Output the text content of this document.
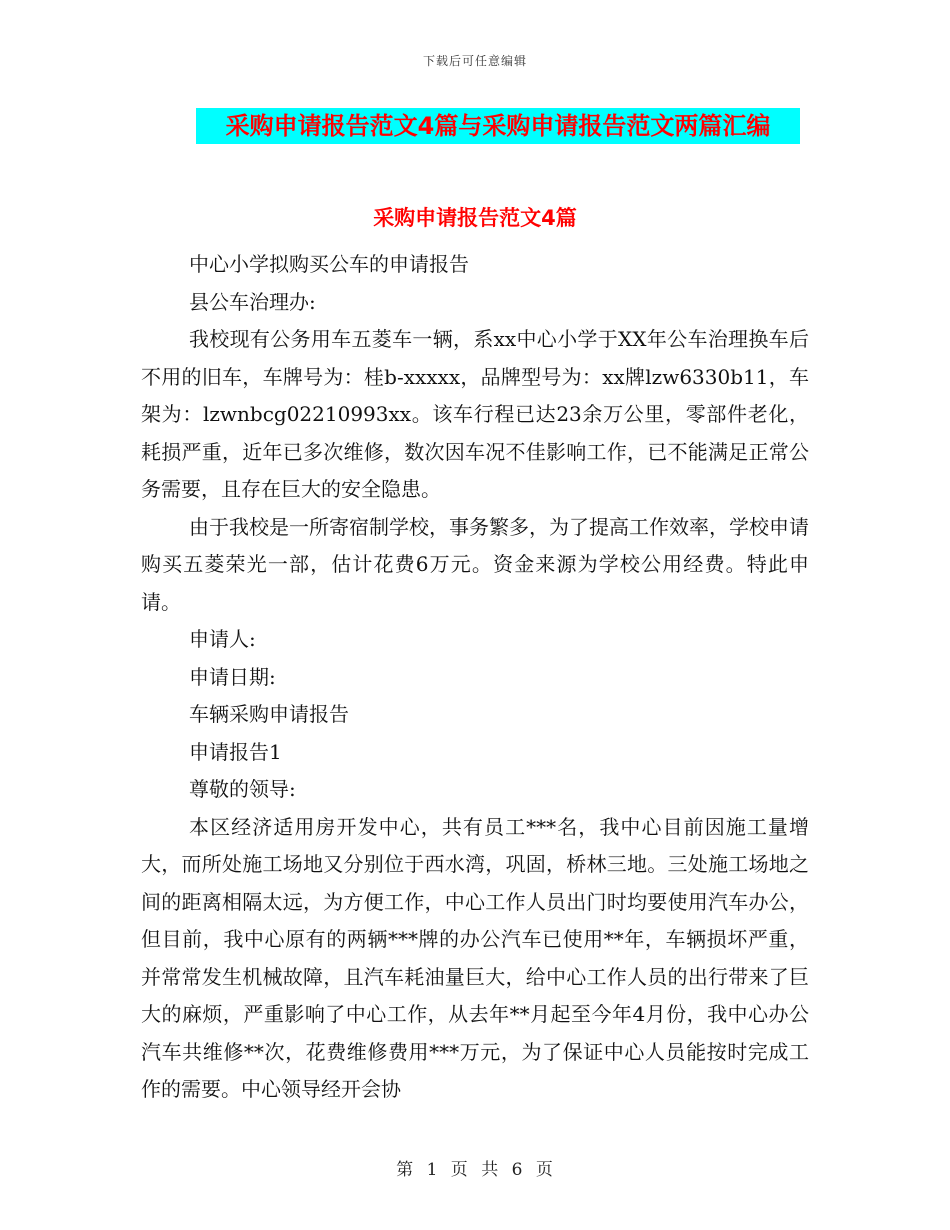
下载后可任意编辑
采购申请报告范文4篇与采购申请报告范文两篇汇编
采购申请报告范文4篇

中心小学拟购买公车的申请报告

县公车治理办:

我校现有公务用车五菱车一辆，系xx中心小学于XX年公车治理换车后不用的旧车，车牌号为：桂b-xxxxx，品牌型号为：xx牌lzw6330b11，车架为：lzwnbcg02210993xx。该车行程已达23余万公里，零部件老化，耗损严重，近年已多次维修，数次因车况不佳影响工作，已不能满足正常公务需要，且存在巨大的安全隐患。

由于我校是一所寄宿制学校，事务繁多，为了提高工作效率，学校申请购买五菱荣光一部，估计花费6万元。资金来源为学校公用经费。特此申请。

申请人:

申请日期:

车辆采购申请报告

申请报告1

尊敬的领导:

本区经济适用房开发中心，共有员工***名，我中心目前因施工量增大，而所处施工场地又分别位于西水湾，巩固，桥林三地。三处施工场地之间的距离相隔太远，为方便工作，中心工作人员出门时均要使用汽车办公，但目前，我中心原有的两辆***牌的办公汽车已使用**年，车辆损坏严重，并常常发生机械故障，且汽车耗油量巨大，给中心工作人员的出行带来了巨大的麻烦，严重影响了中心工作，从去年**月起至今年4月份，我中心办公汽车共维修**次，花费维修费用***万元，为了保证中心人员能按时完成工作的需要。中心领导经开会协

第 1 页 共 6 页
